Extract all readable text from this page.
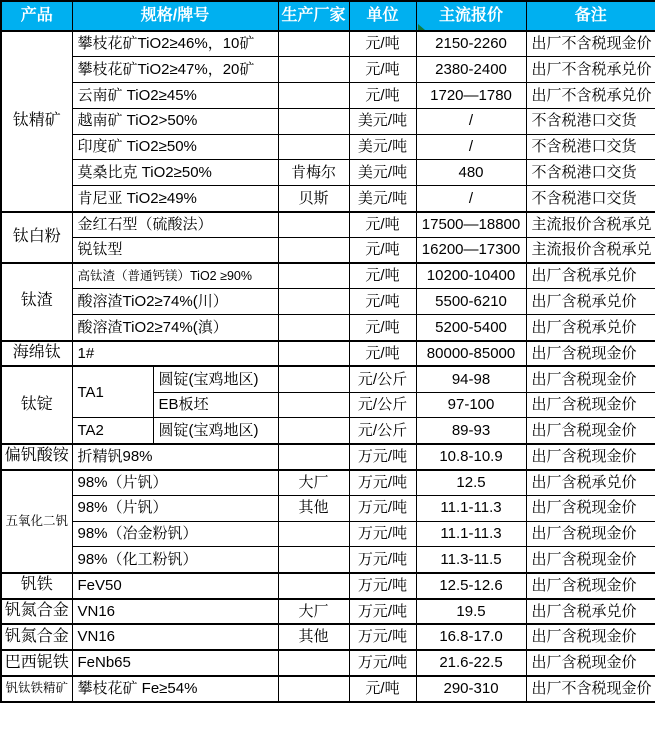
产品	规格/牌号		生产厂家	单位	主流报价	备注
钛精矿	攀枝花矿TiO2≥46%，10矿			元/吨	2150-2260	出厂不含税现金价
	攀枝花矿TiO2≥47%，20矿			元/吨	2380-2400	出厂不含税承兑价
	云南矿 TiO2≥45%			元/吨	1720—1780	出厂不含税承兑价
	越南矿 TiO2>50%			美元/吨	/	不含税港口交货
	印度矿 TiO2≥50%			美元/吨	/	不含税港口交货
	莫桑比克 TiO2≥50%		肯梅尔	美元/吨	480	不含税港口交货
	肯尼亚 TiO2≥49%		贝斯	美元/吨	/	不含税港口交货
钛白粉	金红石型（硫酸法）			元/吨	17500—18800	主流报价含税承兑
	锐钛型			元/吨	16200—17300	主流报价含税承兑
钛渣	高钛渣（普通钙镁）TiO2 ≥90%			元/吨	10200-10400	出厂含税承兑价
	酸溶渣TiO2≥74%(川）			元/吨	5500-6210	出厂含税承兑价
	酸溶渣TiO2≥74%(滇）			元/吨	5200-5400	出厂含税承兑价
海绵钛	1#			元/吨	80000-85000	出厂含税现金价
钛锭	TA1	圆锭(宝鸡地区)		元/公斤	94-98	出厂含税现金价
		EB板坯		元/公斤	97-100	出厂含税现金价
	TA2	圆锭(宝鸡地区)		元/公斤	89-93	出厂含税现金价
偏钒酸铵	折精钒98%			万元/吨	10.8-10.9	出厂含税现金价
五氧化二钒	98%（片钒）		大厂	万元/吨	12.5	出厂含税承兑价
	98%（片钒）		其他	万元/吨	11.1-11.3	出厂含税现金价
	98%（冶金粉钒）			万元/吨	11.1-11.3	出厂含税现金价
	98%（化工粉钒）			万元/吨	11.3-11.5	出厂含税现金价
钒铁	FeV50			万元/吨	12.5-12.6	出厂含税现金价
钒氮合金	VN16		大厂	万元/吨	19.5	出厂含税承兑价
钒氮合金	VN16		其他	万元/吨	16.8-17.0	出厂含税现金价
巴西铌铁	FeNb65			万元/吨	21.6-22.5	出厂含税现金价
钒钛铁精矿	攀枝花矿 Fe≥54%			元/吨	290-310	出厂不含税现金价
